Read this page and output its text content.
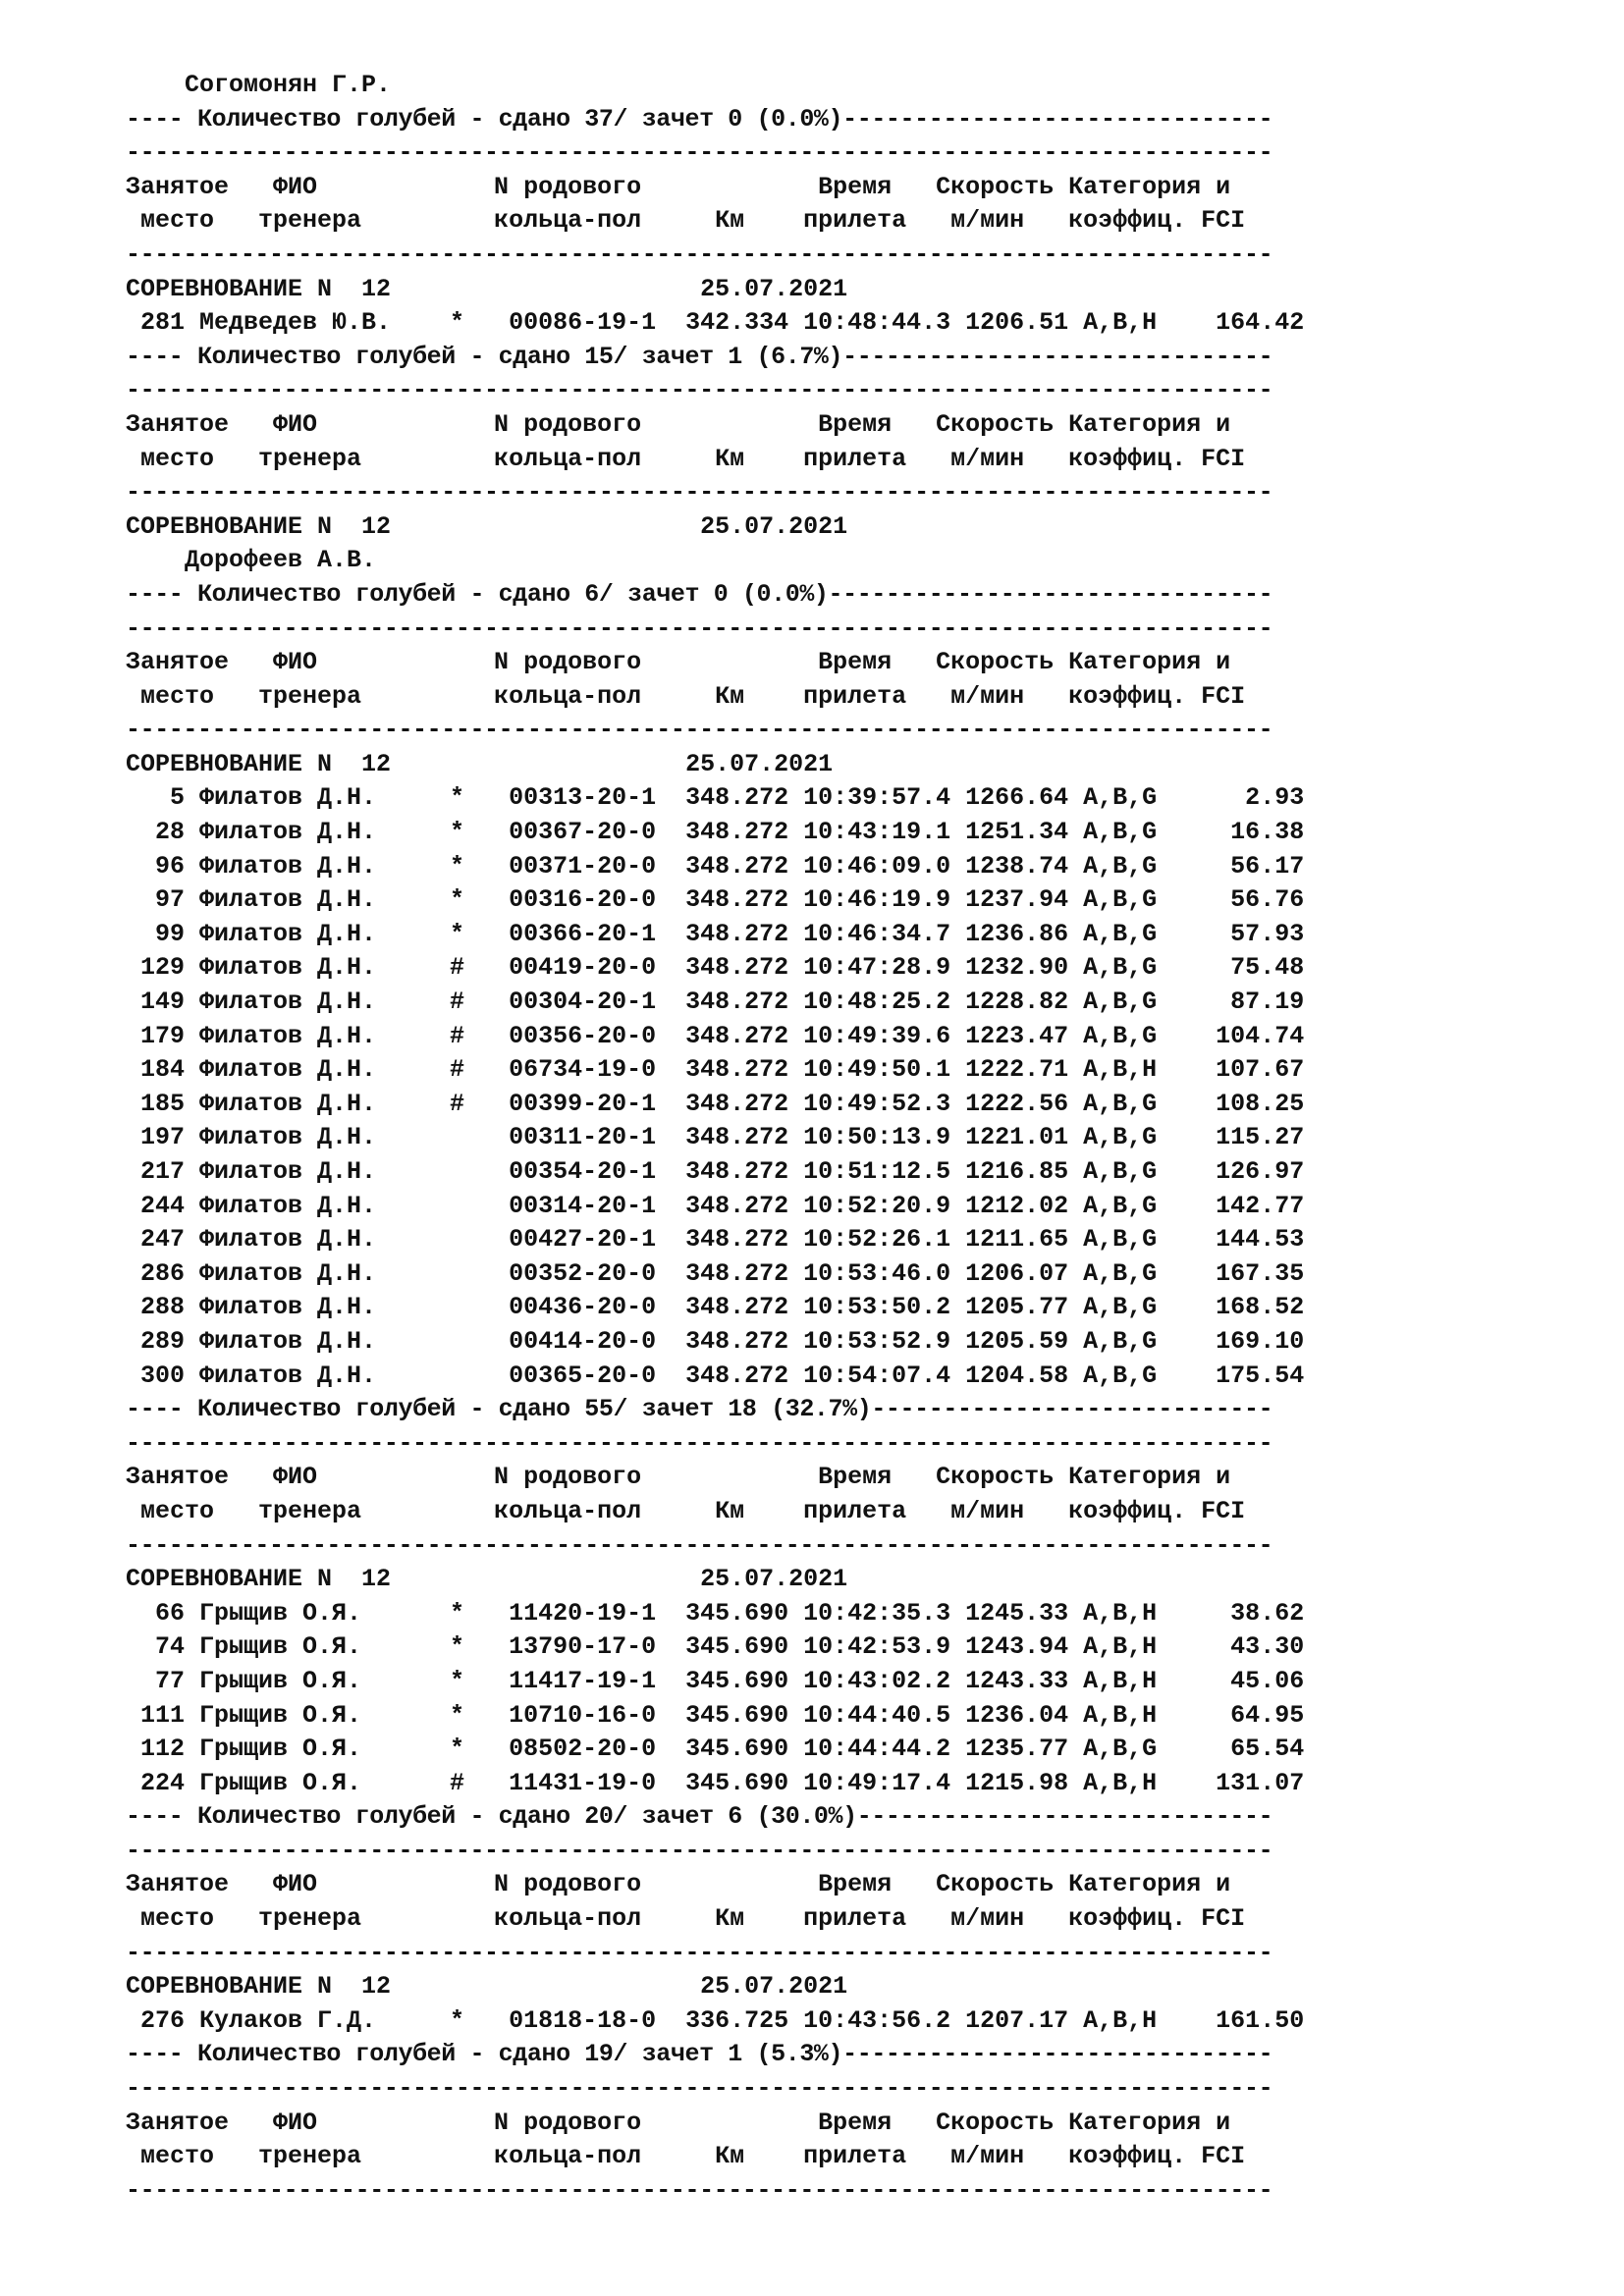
Согомонян Г.Р.
---- Количество голубей - сдано 37/ зачет 0 (0.0%)------------------------------
--------------------------------------------------------------------------------
Занятое   ФИО            N родового            Время   Скорость Категория и
место   тренера         кольца-пол     Км    прилета   м/мин   коэффиц. FCI
--------------------------------------------------------------------------------
СОРЕВНОВАНИЕ N  12                     25.07.2021
281 Медведев Ю.В.    *   00086-19-1  342.334 10:48:44.3 1206.51 A,B,H    164.42
---- Количество голубей - сдано 15/ зачет 1 (6.7%)------------------------------
--------------------------------------------------------------------------------
Занятое   ФИО            N родового            Время   Скорость Категория и
место   тренера         кольца-пол     Км    прилета   м/мин   коэффиц. FCI
--------------------------------------------------------------------------------
СОРЕВНОВАНИЕ N  12                     25.07.2021
Дорофеев А.В.
---- Количество голубей - сдано 6/ зачет 0 (0.0%)-------------------------------
--------------------------------------------------------------------------------
Занятое   ФИО            N родового            Время   Скорость Категория и
место   тренера         кольца-пол     Км    прилета   м/мин   коэффиц. FCI
--------------------------------------------------------------------------------
СОРЕВНОВАНИЕ N  12                    25.07.2021
5 Филатов Д.Н.     *   00313-20-1  348.272 10:39:57.4 1266.64 A,B,G      2.93
28 Филатов Д.Н.     *   00367-20-0  348.272 10:43:19.1 1251.34 A,B,G     16.38
96 Филатов Д.Н.     *   00371-20-0  348.272 10:46:09.0 1238.74 A,B,G     56.17
97 Филатов Д.Н.     *   00316-20-0  348.272 10:46:19.9 1237.94 A,B,G     56.76
99 Филатов Д.Н.     *   00366-20-1  348.272 10:46:34.7 1236.86 A,B,G     57.93
129 Филатов Д.Н.     #   00419-20-0  348.272 10:47:28.9 1232.90 A,B,G     75.48
149 Филатов Д.Н.     #   00304-20-1  348.272 10:48:25.2 1228.82 A,B,G     87.19
179 Филатов Д.Н.     #   00356-20-0  348.272 10:49:39.6 1223.47 A,B,G    104.74
184 Филатов Д.Н.     #   06734-19-0  348.272 10:49:50.1 1222.71 A,B,H    107.67
185 Филатов Д.Н.     #   00399-20-1  348.272 10:49:52.3 1222.56 A,B,G    108.25
197 Филатов Д.Н.         00311-20-1  348.272 10:50:13.9 1221.01 A,B,G    115.27
217 Филатов Д.Н.         00354-20-1  348.272 10:51:12.5 1216.85 A,B,G    126.97
244 Филатов Д.Н.         00314-20-1  348.272 10:52:20.9 1212.02 A,B,G    142.77
247 Филатов Д.Н.         00427-20-1  348.272 10:52:26.1 1211.65 A,B,G    144.53
286 Филатов Д.Н.         00352-20-0  348.272 10:53:46.0 1206.07 A,B,G    167.35
288 Филатов Д.Н.         00436-20-0  348.272 10:53:50.2 1205.77 A,B,G    168.52
289 Филатов Д.Н.         00414-20-0  348.272 10:53:52.9 1205.59 A,B,G    169.10
300 Филатов Д.Н.         00365-20-0  348.272 10:54:07.4 1204.58 A,B,G    175.54
---- Количество голубей - сдано 55/ зачет 18 (32.7%)----------------------------
--------------------------------------------------------------------------------
Занятое   ФИО            N родового            Время   Скорость Категория и
место   тренера         кольца-пол     Км    прилета   м/мин   коэффиц. FCI
--------------------------------------------------------------------------------
СОРЕВНОВАНИЕ N  12                     25.07.2021
66 Грыщив О.Я.      *   11420-19-1  345.690 10:42:35.3 1245.33 A,B,H     38.62
74 Грыщив О.Я.      *   13790-17-0  345.690 10:42:53.9 1243.94 A,B,H     43.30
77 Грыщив О.Я.      *   11417-19-1  345.690 10:43:02.2 1243.33 A,B,H     45.06
111 Грыщив О.Я.      *   10710-16-0  345.690 10:44:40.5 1236.04 A,B,H     64.95
112 Грыщив О.Я.      *   08502-20-0  345.690 10:44:44.2 1235.77 A,B,G     65.54
224 Грыщив О.Я.      #   11431-19-0  345.690 10:49:17.4 1215.98 A,B,H    131.07
---- Количество голубей - сдано 20/ зачет 6 (30.0%)-----------------------------
--------------------------------------------------------------------------------
Занятое   ФИО            N родового            Время   Скорость Категория и
место   тренера         кольца-пол     Км    прилета   м/мин   коэффиц. FCI
--------------------------------------------------------------------------------
СОРЕВНОВАНИЕ N  12                     25.07.2021
276 Кулаков Г.Д.     *   01818-18-0  336.725 10:43:56.2 1207.17 A,B,H    161.50
---- Количество голубей - сдано 19/ зачет 1 (5.3%)------------------------------
--------------------------------------------------------------------------------
Занятое   ФИО            N родового            Время   Скорость Категория и
место   тренера         кольца-пол     Км    прилета   м/мин   коэффиц. FCI
--------------------------------------------------------------------------------
